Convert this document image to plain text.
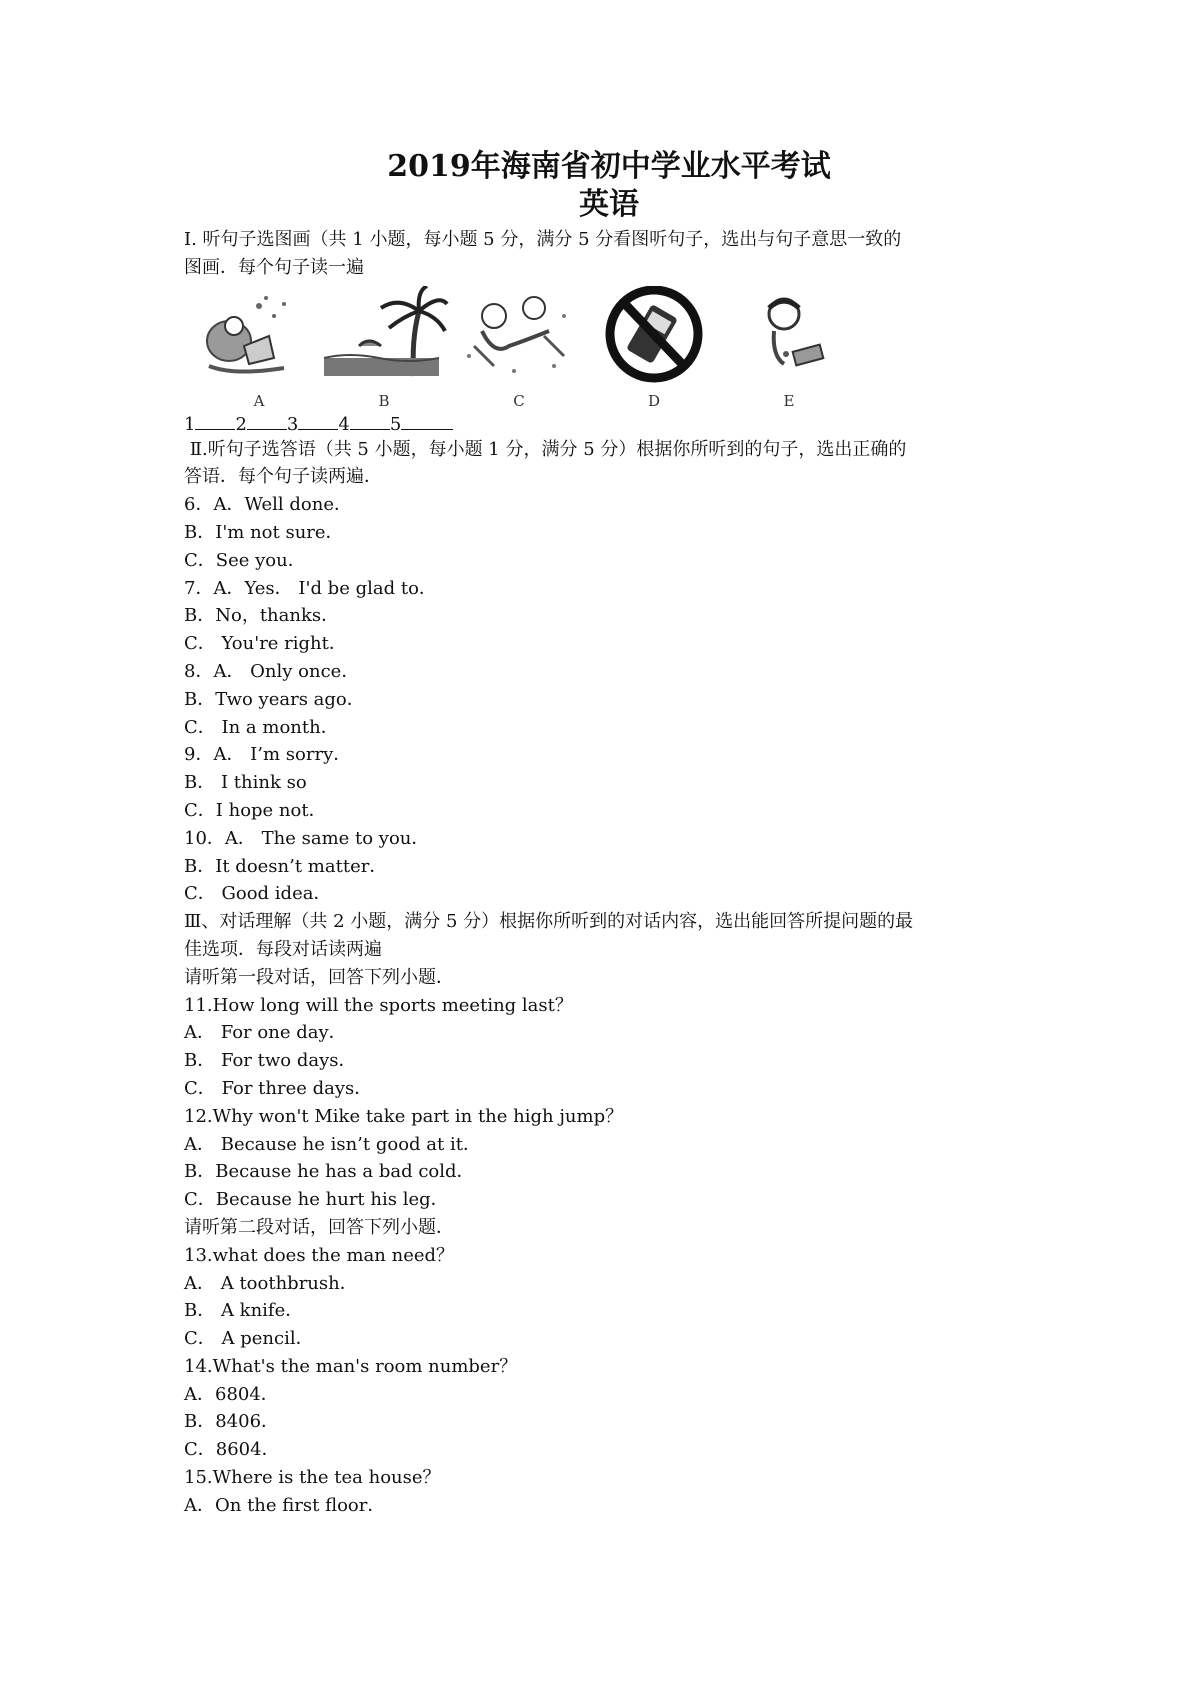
2019年海南省初中学业水平考试

英语

I. 听句子选图画（共 1 小题，每小题 5 分，满分 5 分看图听句子，选出与句子意思一致的

图画．每个句子读一遍

A	B	C	D	E

1 2 3 4 5

Ⅱ.听句子选答语（共 5 小题，每小题 1 分，满分 5 分）根据你所听到的句子，选出正确的

答语．每个句子读两遍．

6．A．Well done．

B．I'm not sure．

C．See you．

7．A．Yes． I'd be glad to．

B．No，thanks．

C． You're right．

8．A． Only once．

B．Two years ago．

C． In a month．

9．A． I’m sorry．

B． I think so

C．I hope not．

10．A． The same to you．

B．It doesn’t matter．

C． Good idea．

Ⅲ、对话理解（共 2 小题，满分 5 分）根据你所听到的对话内容，选出能回答所提问题的最

佳选项．每段对话读两遍

请听第一段对话，回答下列小题．

11.How long will the sports meeting last？

A． For one day．

B． For two days．

C． For three days．

12.Why won't Mike take part in the high jump？

A． Because he isn’t good at it．

B．Because he has a bad cold．

C．Because he hurt his leg．

请听第二段对话，回答下列小题．

13.what does the man need？

A． A toothbrush．

B． A knife．

C． A pencil．

14.What's the man's room number？

A．6804．

B．8406．

C．8604．

15.Where is the tea house？

A．On the first floor．
